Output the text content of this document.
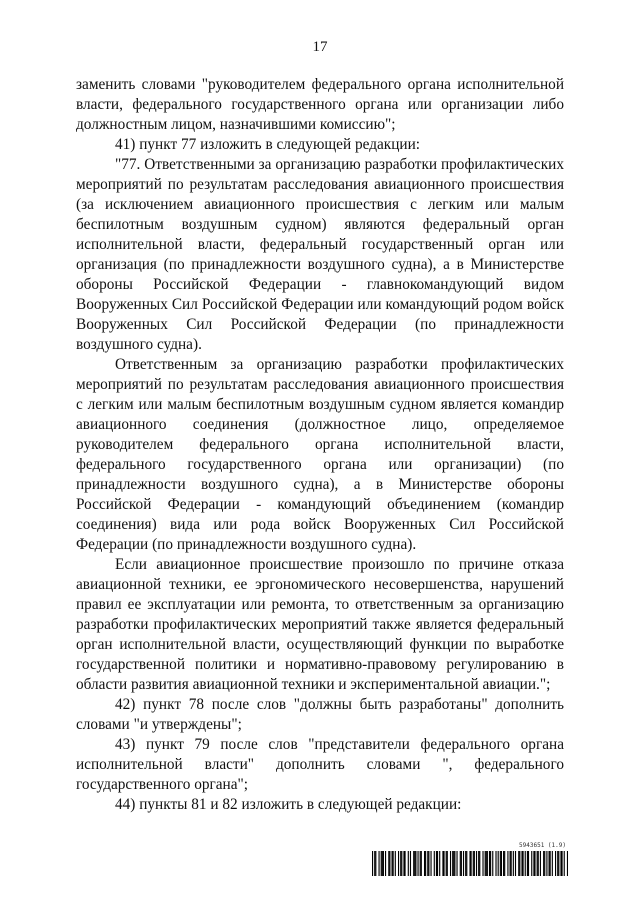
17

заменить словами "руководителем федерального органа исполнительной власти, федерального государственного органа или организации либо должностным лицом, назначившими комиссию";

41) пункт 77 изложить в следующей редакции:

"77. Ответственными за организацию разработки профилактических мероприятий по результатам расследования авиационного происшествия (за исключением авиационного происшествия с легким или малым беспилотным воздушным судном) являются федеральный орган исполнительной власти, федеральный государственный орган или организация (по принадлежности воздушного судна), а в Министерстве обороны Российской Федерации - главнокомандующий видом Вооруженных Сил Российской Федерации или командующий родом войск Вооруженных Сил Российской Федерации (по принадлежности воздушного судна).

Ответственным за организацию разработки профилактических мероприятий по результатам расследования авиационного происшествия с легким или малым беспилотным воздушным судном является командир авиационного соединения (должностное лицо, определяемое руководителем федерального органа исполнительной власти, федерального государственного органа или организации) (по принадлежности воздушного судна), а в Министерстве обороны Российской Федерации - командующий объединением (командир соединения) вида или рода войск Вооруженных Сил Российской Федерации (по принадлежности воздушного судна).

Если авиационное происшествие произошло по причине отказа авиационной техники, ее эргономического несовершенства, нарушений правил ее эксплуатации или ремонта, то ответственным за организацию разработки профилактических мероприятий также является федеральный орган исполнительной власти, осуществляющий функции по выработке государственной политики и нормативно-правовому регулированию в области развития авиационной техники и экспериментальной авиации.";

42) пункт 78 после слов "должны быть разработаны" дополнить словами "и утверждены";

43) пункт 79 после слов "представители федерального органа исполнительной власти" дополнить словами ", федерального государственного органа";

44) пункты 81 и 82 изложить в следующей редакции:

5943651 (1.9)
